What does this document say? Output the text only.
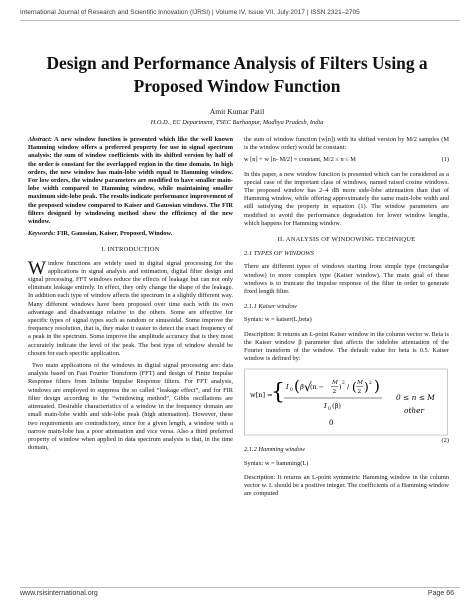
International Journal of Research and Scientific Innovation (IJRSI) | Volume IV, Issue VII, July 2017 | ISSN 2321–2705
Design and Performance Analysis of Filters Using a
Proposed Window Function
Amit Kumar Patil
H.O.D., EC Department, TSEC Burhanpur, Madhya Pradesh, India

Abstract: A new window function is presented which like the well known Hamming window offers a preferred property for use in signal spectrum analysis: the sum of window coefficients with its shifted version by half of the order is constant for the overlapped region in the time domain. In high orders, the new window has main-lobe width equal to Hamming window. For low orders, the window parameters are modified to have smaller main-lobe width compared to Hamming window, while maintaining smaller maximum side-lobe peak. The results indicate performance improvement of the proposed window compared to Kaiser and Gaussian windows. The FIR filters designed by windowing method show the efficiency of the new window.

Keywords: FIR, Gaussian, Kaiser, Proposed, Window.

I. INTRODUCTION

Window functions are widely used in digital signal processing for the applications in signal analysis and estimation, digital filter design and signal processing. FFT windows reduce the effects of leakage but can not only eliminate leakage entirely. In effect, they only change the shape of the leakage. In addition each type of window affects the spectrum in a slightly different way. Many different windows have been proposed over time each with its own advantage and disadvantage relative to the others. Some are effective for specific types of signal types such as random or sinusoidal. Some improve the frequency resolution, that is, they make it easier to detect the exact frequency of a peak in the spectrum. Some improve the amplitude accuracy that is they most accurately indicate the level of the peak. The best type of window should be chosen for each specific application.

Two main applications of the windows in digital signal processing are: data analysis based on Fast Fourier Transform (FFT) and design of Finite Impulse Response filters from Infinite Impulse Response filters. For FFT analysis, windows are employed to suppress the so called “leakage effect”, and for FIR filter design according to the “windowing method”, Gibbs oscillations are attenuated. Desirable characteristics of a window in the frequency domain are small main-lobe width and side-lobe peak (high attenuation). However, these two requirements are contradictory, since for a given length, a window with a narrow main-lobe has a poor attenuation and vice versa. Also a third preferred property of window when applied in data spectrum analysis is that, in the time domain,

the sum of window function (w[n]) with its shifted version by M/2 samples (M is the window order) would be constant:

w [n] + w [n- M/2] = constant, M/2 ≤ n ≤ M	(1)

In this paper, a new window function is presented which can be considered as a special case of the important class of windows, named raised cosine windows. The proposed window has 2–4 dB more side-lobe attenuation than that of Hamming window, while offering approximately the same main-lobe width and still satisfying the property in equation (1). The window parameters are modified to avoid the performance degradation for lower window lengths, which happens for Hamming window.

II. ANALYSIS OF WINDOWING TECHNIQUE
2.1 TYPES OF WINDOWS

There are different types of windows starting from simple type (rectangular window) to more complex type (Kaiser window). The main goal of these windows is to truncate the impulse response of the filter in order to generate fixed length filter.

2.1.1 Kaiser window
Syntax: w = kaiser(L,beta)

Description: It returns an L-point Kaiser window in the column vector w. Beta is the Kaiser window β parameter that affects the sidelobe attenuation of the Fourier transform of the window. The default value for beta is 0.5. Kaiser window is defined by:

w[n] =
{ I 0 ( β √
(n − M
2
) 2 / ( M
2 ) 2 )
I 0 (β)
0
0 ≤ n ≤ M
other
(2)
2.1.2 Hamming window
Syntax: w = hamming(L)

Description: It returns an L-point symmetric Hamming window in the column vector w. L should be a positive integer. The coefficients of a Hamming window are computed

www.rsisinternational.org	Page 66
